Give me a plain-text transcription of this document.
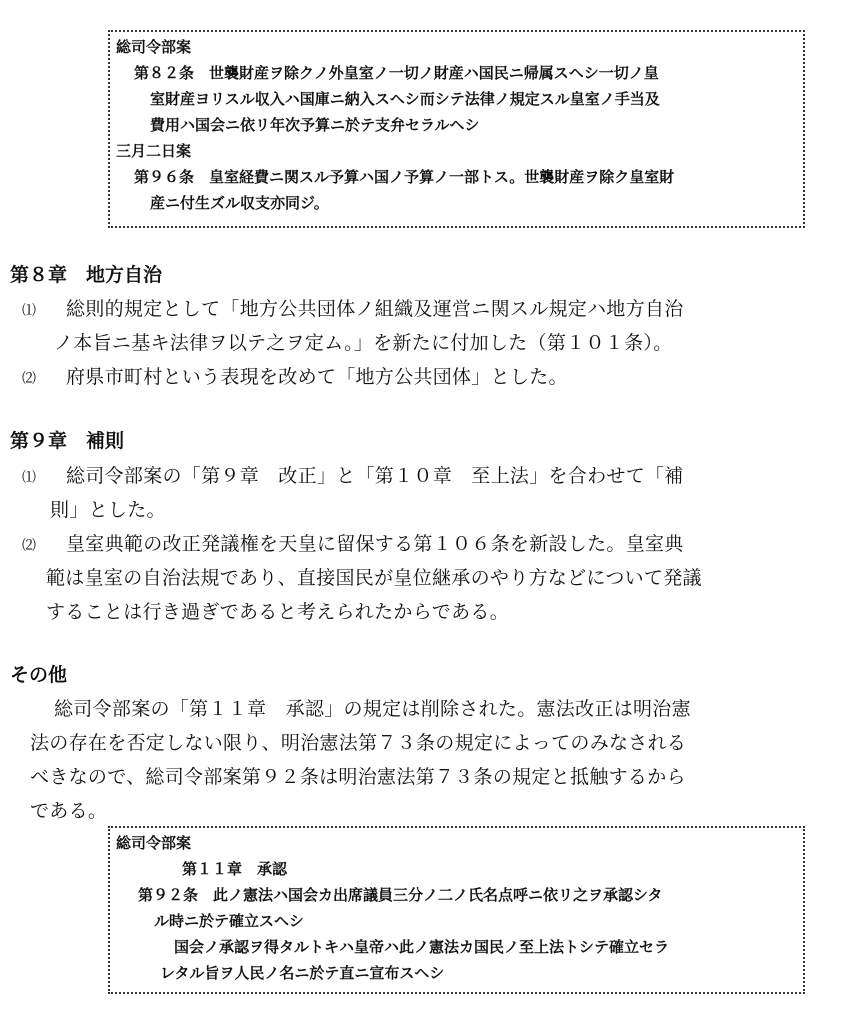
総司令部案
第８２条　世襲財産ヲ除クノ外皇室ノ一切ノ財産ハ国民ニ帰属スヘシ一切ノ皇
室財産ヨリスル収入ハ国庫ニ納入スヘシ而シテ法律ノ規定スル皇室ノ手当及
費用ハ国会ニ依リ年次予算ニ於テ支弁セラルヘシ
三月二日案
第９６条　皇室経費ニ関スル予算ハ国ノ予算ノ一部トス。世襲財産ヲ除ク皇室財
産ニ付生ズル収支亦同ジ。
第８章　地方自治
⑴ 総則的規定として「地方公共団体ノ組織及運営ニ関スル規定ハ地方自治
ノ本旨ニ基キ法律ヲ以テ之ヲ定ム。」を新たに付加した（第１０１条）。
⑵ 府県市町村という表現を改めて「地方公共団体」とした。
第９章　補則
⑴ 総司令部案の「第９章　改正」と「第１０章　至上法」を合わせて「補
則」とした。
⑵ 皇室典範の改正発議権を天皇に留保する第１０６条を新設した。皇室典
範は皇室の自治法規であり、直接国民が皇位継承のやり方などについて発議
することは行き過ぎであると考えられたからである。
その他
総司令部案の「第１１章　承認」の規定は削除された。憲法改正は明治憲
法の存在を否定しない限り、明治憲法第７３条の規定によってのみなされる
べきなので、総司令部案第９２条は明治憲法第７３条の規定と抵触するから
である。
総司令部案
第１１章　承認
第９２条　此ノ憲法ハ国会カ出席議員三分ノ二ノ氏名点呼ニ依リ之ヲ承認シタ
ル時ニ於テ確立スヘシ
国会ノ承認ヲ得タルトキハ皇帝ハ此ノ憲法カ国民ノ至上法トシテ確立セラ
レタル旨ヲ人民ノ名ニ於テ直ニ宣布スヘシ
